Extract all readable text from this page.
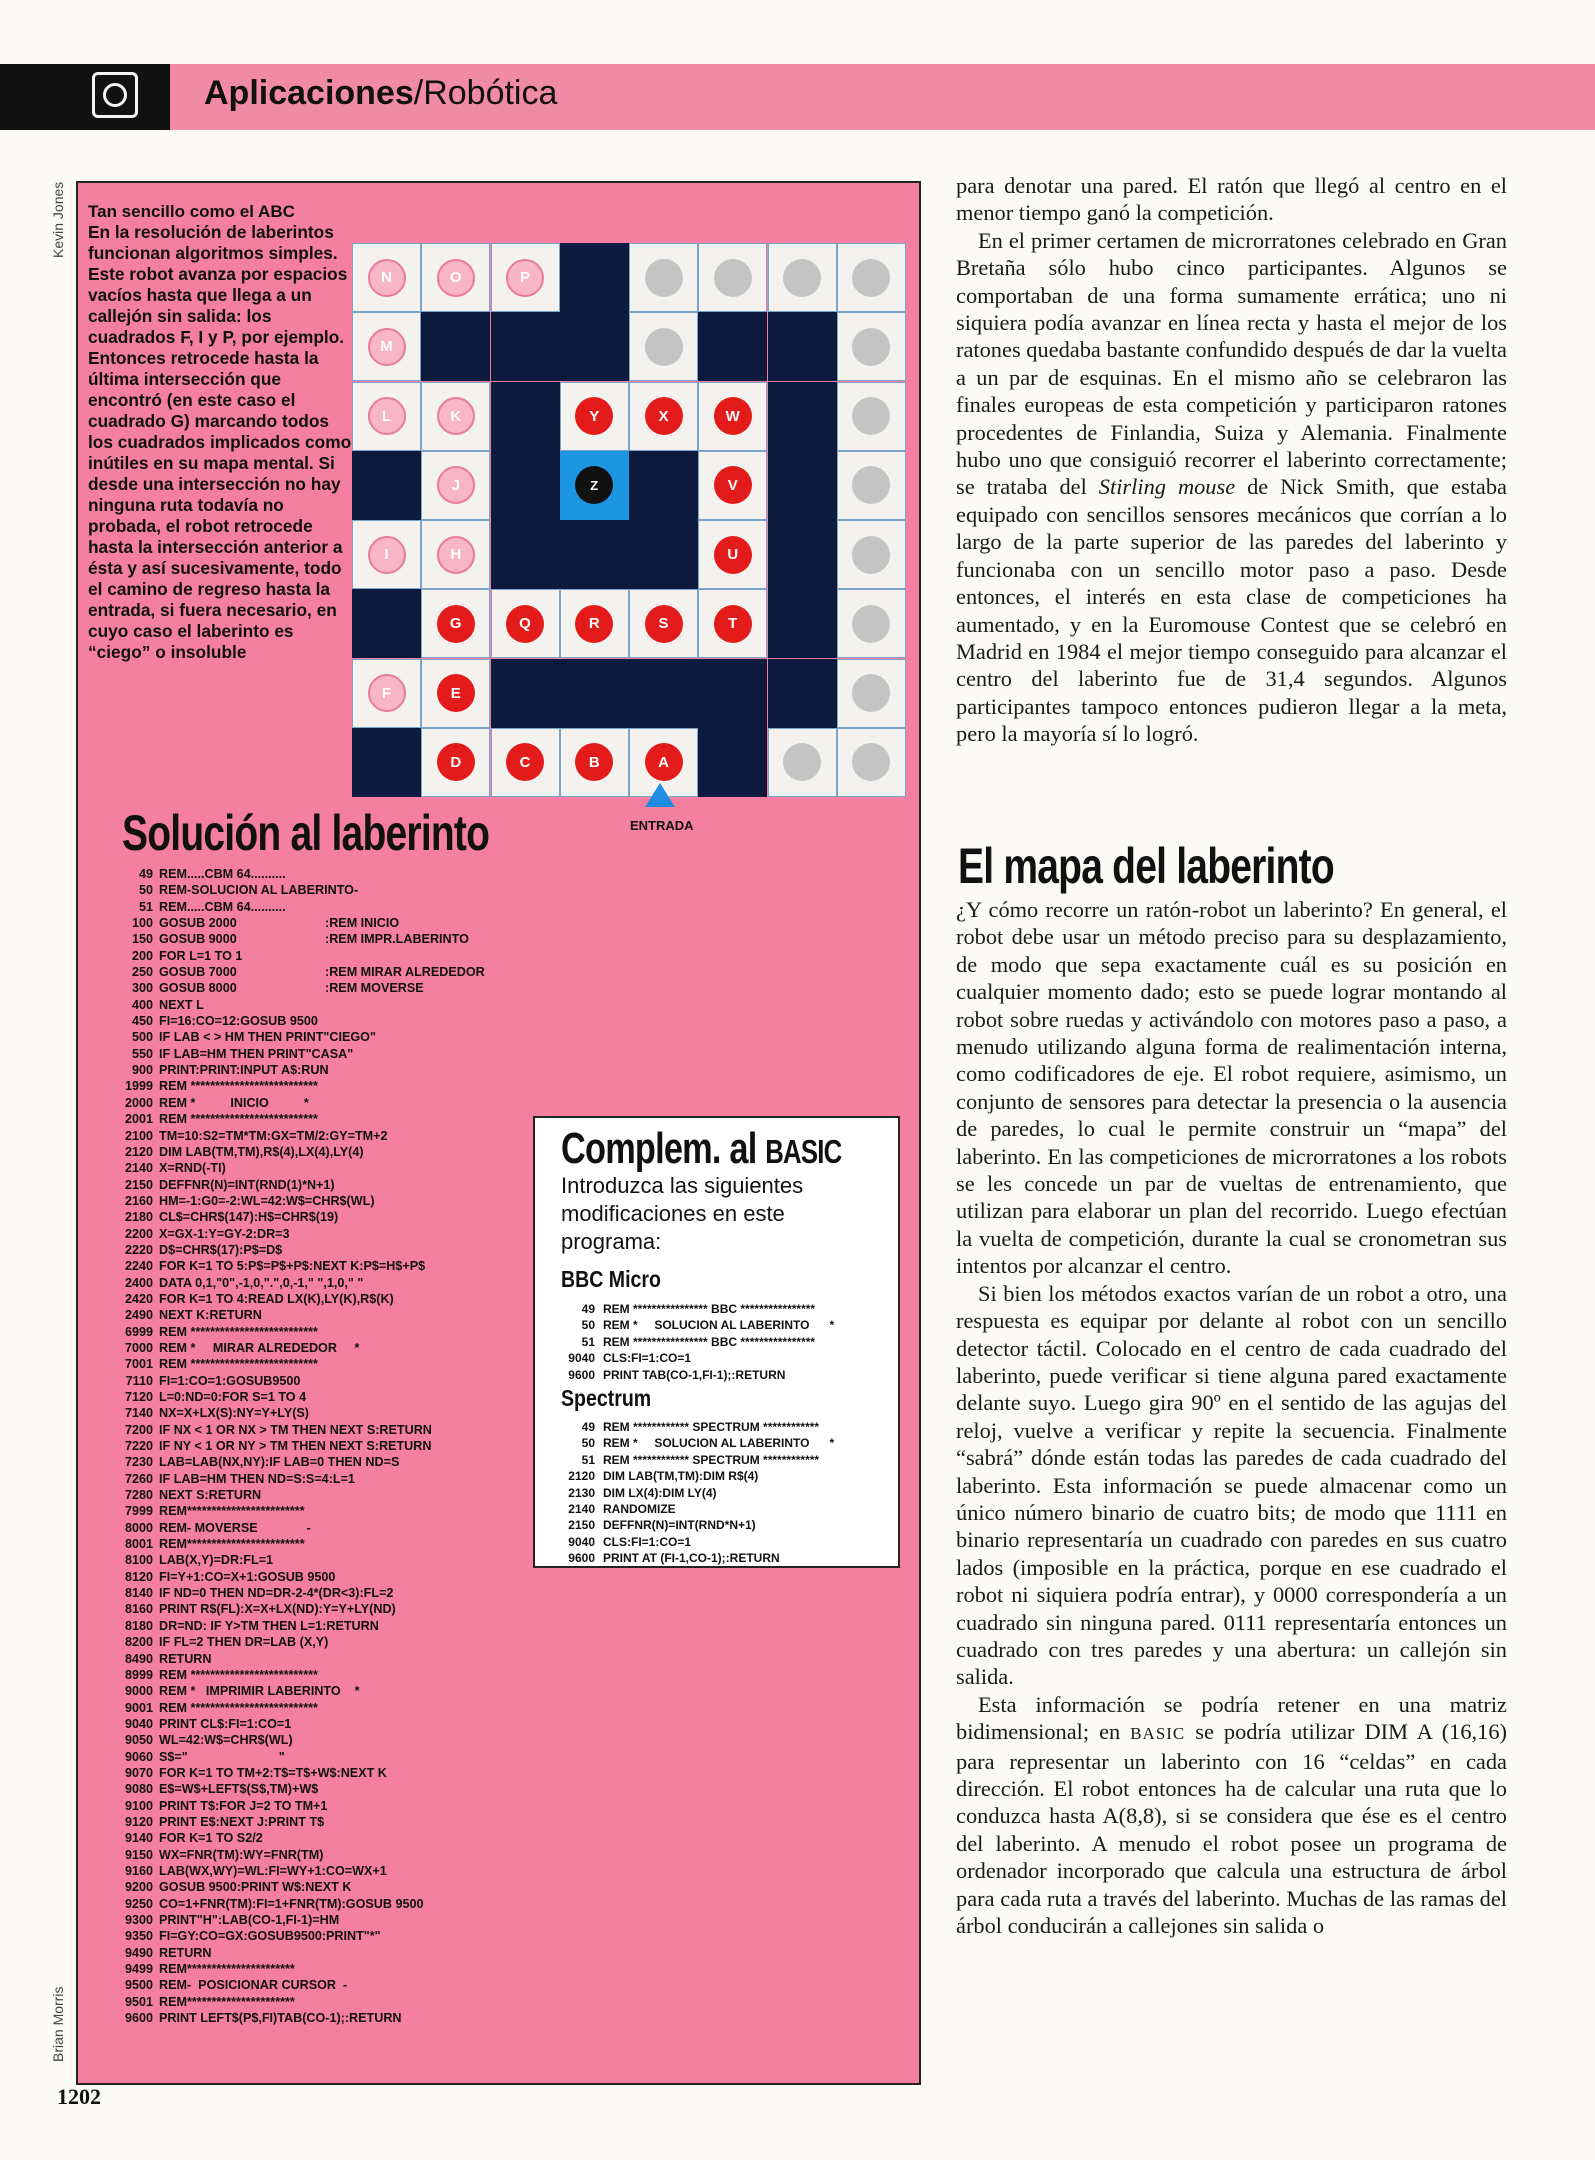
Aplicaciones/Robótica
Kevin Jones
Brian Morris
Tan sencillo como el ABC
En la resolución de laberintos funcionan algoritmos simples. Este robot avanza por espacios vacíos hasta que llega a un callejón sin salida: los cuadrados F, I y P, por ejemplo. Entonces retrocede hasta la última intersección que encontró (en este caso el cuadrado G) marcando todos los cuadrados implicados como inútiles en su mapa mental. Si desde una intersección no hay ninguna ruta todavía no probada, el robot retrocede hasta la intersección anterior a ésta y así sucesivamente, todo el camino de regreso hasta la entrada, si fuera necesario, en cuyo caso el laberinto es “ciego” o insoluble
N	O	P
M
L	K	Y	X	W
J	Z	V
I	H	U
G	Q	R	S	T
F	E
D	C	B	A
ENTRADA
Solución al laberinto
49 REM.....CBM 64..........
50 REM-SOLUCION AL LABERINTO-
51 REM.....CBM 64..........
100 GOSUB 2000	:REM INICIO
150 GOSUB 9000	:REM IMPR.LABERINTO
200 FOR L=1 TO 1
250 GOSUB 7000	:REM MIRAR ALREDEDOR
300 GOSUB 8000	:REM MOVERSE
400 NEXT L
450 FI=16:CO=12:GOSUB 9500
500 IF LAB < > HM THEN PRINT"CIEGO"
550 IF LAB=HM THEN PRINT"CASA"
900 PRINT:PRINT:INPUT A$:RUN
1999 REM **************************
2000 REM *          INICIO          *
2001 REM **************************
2100 TM=10:S2=TM*TM:GX=TM/2:GY=TM+2
2120 DIM LAB(TM,TM),R$(4),LX(4),LY(4)
2140 X=RND(-TI)
2150 DEFFNR(N)=INT(RND(1)*N+1)
2160 HM=-1:G0=-2:WL=42:W$=CHR$(WL)
2180 CL$=CHR$(147):H$=CHR$(19)
2200 X=GX-1:Y=GY-2:DR=3
2220 D$=CHR$(17):P$=D$
2240 FOR K=1 TO 5:P$=P$+P$:NEXT K:P$=H$+P$
2400 DATA 0,1,"0",-1,0,".",0,-1," ",1,0," "
2420 FOR K=1 TO 4:READ LX(K),LY(K),R$(K)
2490 NEXT K:RETURN
6999 REM **************************
7000 REM *     MIRAR ALREDEDOR     *
7001 REM **************************
7110 FI=1:CO=1:GOSUB9500
7120 L=0:ND=0:FOR S=1 TO 4
7140 NX=X+LX(S):NY=Y+LY(S)
7200 IF NX < 1 OR NX > TM THEN NEXT S:RETURN
7220 IF NY < 1 OR NY > TM THEN NEXT S:RETURN
7230 LAB=LAB(NX,NY):IF LAB=0 THEN ND=S
7260 IF LAB=HM THEN ND=S:S=4:L=1
7280 NEXT S:RETURN
7999 REM************************
8000 REM- MOVERSE              -
8001 REM************************
8100 LAB(X,Y)=DR:FL=1
8120 FI=Y+1:CO=X+1:GOSUB 9500
8140 IF ND=0 THEN ND=DR-2-4*(DR<3):FL=2
8160 PRINT R$(FL):X=X+LX(ND):Y=Y+LY(ND)
8180 DR=ND: IF Y>TM THEN L=1:RETURN
8200 IF FL=2 THEN DR=LAB (X,Y)
8490 RETURN
8999 REM **************************
9000 REM *   IMPRIMIR LABERINTO    *
9001 REM **************************
9040 PRINT CL$:FI=1:CO=1
9050 WL=42:W$=CHR$(WL)
9060 S$="                          "
9070 FOR K=1 TO TM+2:T$=T$+W$:NEXT K
9080 E$=W$+LEFT$(S$,TM)+W$
9100 PRINT T$:FOR J=2 TO TM+1
9120 PRINT E$:NEXT J:PRINT T$
9140 FOR K=1 TO S2/2
9150 WX=FNR(TM):WY=FNR(TM)
9160 LAB(WX,WY)=WL:FI=WY+1:CO=WX+1
9200 GOSUB 9500:PRINT W$:NEXT K
9250 CO=1+FNR(TM):FI=1+FNR(TM):GOSUB 9500
9300 PRINT"H":LAB(CO-1,FI-1)=HM
9350 FI=GY:CO=GX:GOSUB9500:PRINT"*"
9490 RETURN
9499 REM**********************
9500 REM-  POSICIONAR CURSOR  -
9501 REM**********************
9600 PRINT LEFT$(P$,FI)TAB(CO-1);:RETURN
Complem. al BASIC
Introduzca las siguientes modificaciones en este programa:
BBC Micro
49 REM **************** BBC ****************
50 REM *     SOLUCION AL LABERINTO      *
51 REM **************** BBC ****************
9040 CLS:FI=1:CO=1
9600 PRINT TAB(CO-1,FI-1);:RETURN
Spectrum
49 REM ************ SPECTRUM ************
50 REM *     SOLUCION AL LABERINTO      *
51 REM ************ SPECTRUM ************
2120 DIM LAB(TM,TM):DIM R$(4)
2130 DIM LX(4):DIM LY(4)
2140 RANDOMIZE
2150 DEFFNR(N)=INT(RND*N+1)
9040 CLS:FI=1:CO=1
9600 PRINT AT (FI-1,CO-1);:RETURN

para denotar una pared. El ratón que llegó al centro en el menor tiempo ganó la competición.

En el primer certamen de microrratones celebrado en Gran Bretaña sólo hubo cinco participantes. Algunos se comportaban de una forma sumamente errática; uno ni siquiera podía avanzar en línea recta y hasta el mejor de los ratones quedaba bastante confundido después de dar la vuelta a un par de esquinas. En el mismo año se celebraron las finales europeas de esta competición y participaron ratones procedentes de Finlandia, Suiza y Alemania. Finalmente hubo uno que consiguió recorrer el laberinto correctamente; se trataba del Stirling mouse de Nick Smith, que estaba equipado con sencillos sensores mecánicos que corrían a lo largo de la parte superior de las paredes del laberinto y funcionaba con un sencillo motor paso a paso. Desde entonces, el interés en esta clase de competiciones ha aumentado, y en la Euromouse Contest que se celebró en Madrid en 1984 el mejor tiempo conseguido para alcanzar el centro del laberinto fue de 31,4 segundos. Algunos participantes tampoco entonces pudieron llegar a la meta, pero la mayoría sí lo logró.

El mapa del laberinto

¿Y cómo recorre un ratón-robot un laberinto? En general, el robot debe usar un método preciso para su desplazamiento, de modo que sepa exactamente cuál es su posición en cualquier momento dado; esto se puede lograr montando al robot sobre ruedas y activándolo con motores paso a paso, a menudo utilizando alguna forma de realimentación interna, como codificadores de eje. El robot requiere, asimismo, un conjunto de sensores para detectar la presencia o la ausencia de paredes, lo cual le permite construir un “mapa” del laberinto. En las competiciones de microrratones a los robots se les concede un par de vueltas de entrenamiento, que utilizan para elaborar un plan del recorrido. Luego efectúan la vuelta de competición, durante la cual se cronometran sus intentos por alcanzar el centro.

Si bien los métodos exactos varían de un robot a otro, una respuesta es equipar por delante al robot con un sencillo detector táctil. Colocado en el centro de cada cuadrado del laberinto, puede verificar si tiene alguna pared exactamente delante suyo. Luego gira 90º en el sentido de las agujas del reloj, vuelve a verificar y repite la secuencia. Finalmente “sabrá” dónde están todas las paredes de cada cuadrado del laberinto. Esta información se puede almacenar como un único número binario de cuatro bits; de modo que 1111 en binario representaría un cuadrado con paredes en sus cuatro lados (imposible en la práctica, porque en ese cuadrado el robot ni siquiera podría entrar), y 0000 correspondería a un cuadrado sin ninguna pared. 0111 representaría entonces un cuadrado con tres paredes y una abertura: un callejón sin salida.

Esta información se podría retener en una matriz bidimensional; en BASIC se podría utilizar DIM A (16,16) para representar un laberinto con 16 “celdas” en cada dirección. El robot entonces ha de calcular una ruta que lo conduzca hasta A(8,8), si se considera que ése es el centro del laberinto. A menudo el robot posee un programa de ordenador incorporado que calcula una estructura de árbol para cada ruta a través del laberinto. Muchas de las ramas del árbol conducirán a callejones sin salida o

1202
